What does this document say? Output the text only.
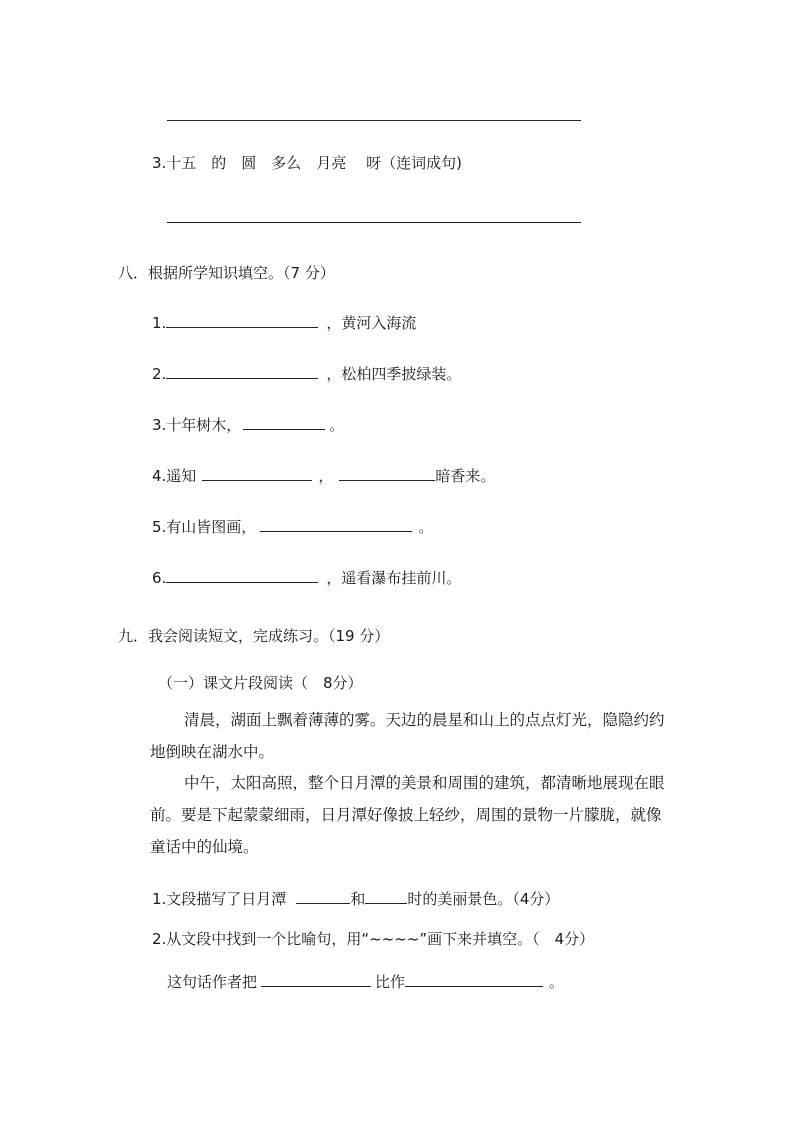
3.十五　的　圆　多么　月亮　 呀（连词成句)
八．根据所学知识填空。（7 分）
1.	，黄河入海流
2.	，松柏四季披绿装。
3.十年树木，	。
4.遥知	，	暗香来。
5.有山皆图画，	。
6.	，遥看瀑布挂前川。
九．我会阅读短文，完成练习。（19 分）
（一）课文片段阅读（　8分）
清晨，湖面上飘着薄薄的雾。天边的晨星和山上的点点灯光，隐隐约约地倒映在湖水中。
中午，太阳高照，整个日月潭的美景和周围的建筑，都清晰地展现在眼前。要是下起蒙蒙细雨，日月潭好像披上轻纱，周围的景物一片朦胧，就像童话中的仙境。
1.文段描写了日月潭	和	时的美丽景色。（4分）
2.从文段中找到一个比喻句，用“~~~~”画下来并填空。（　4分）
这句话作者把	比作	。
